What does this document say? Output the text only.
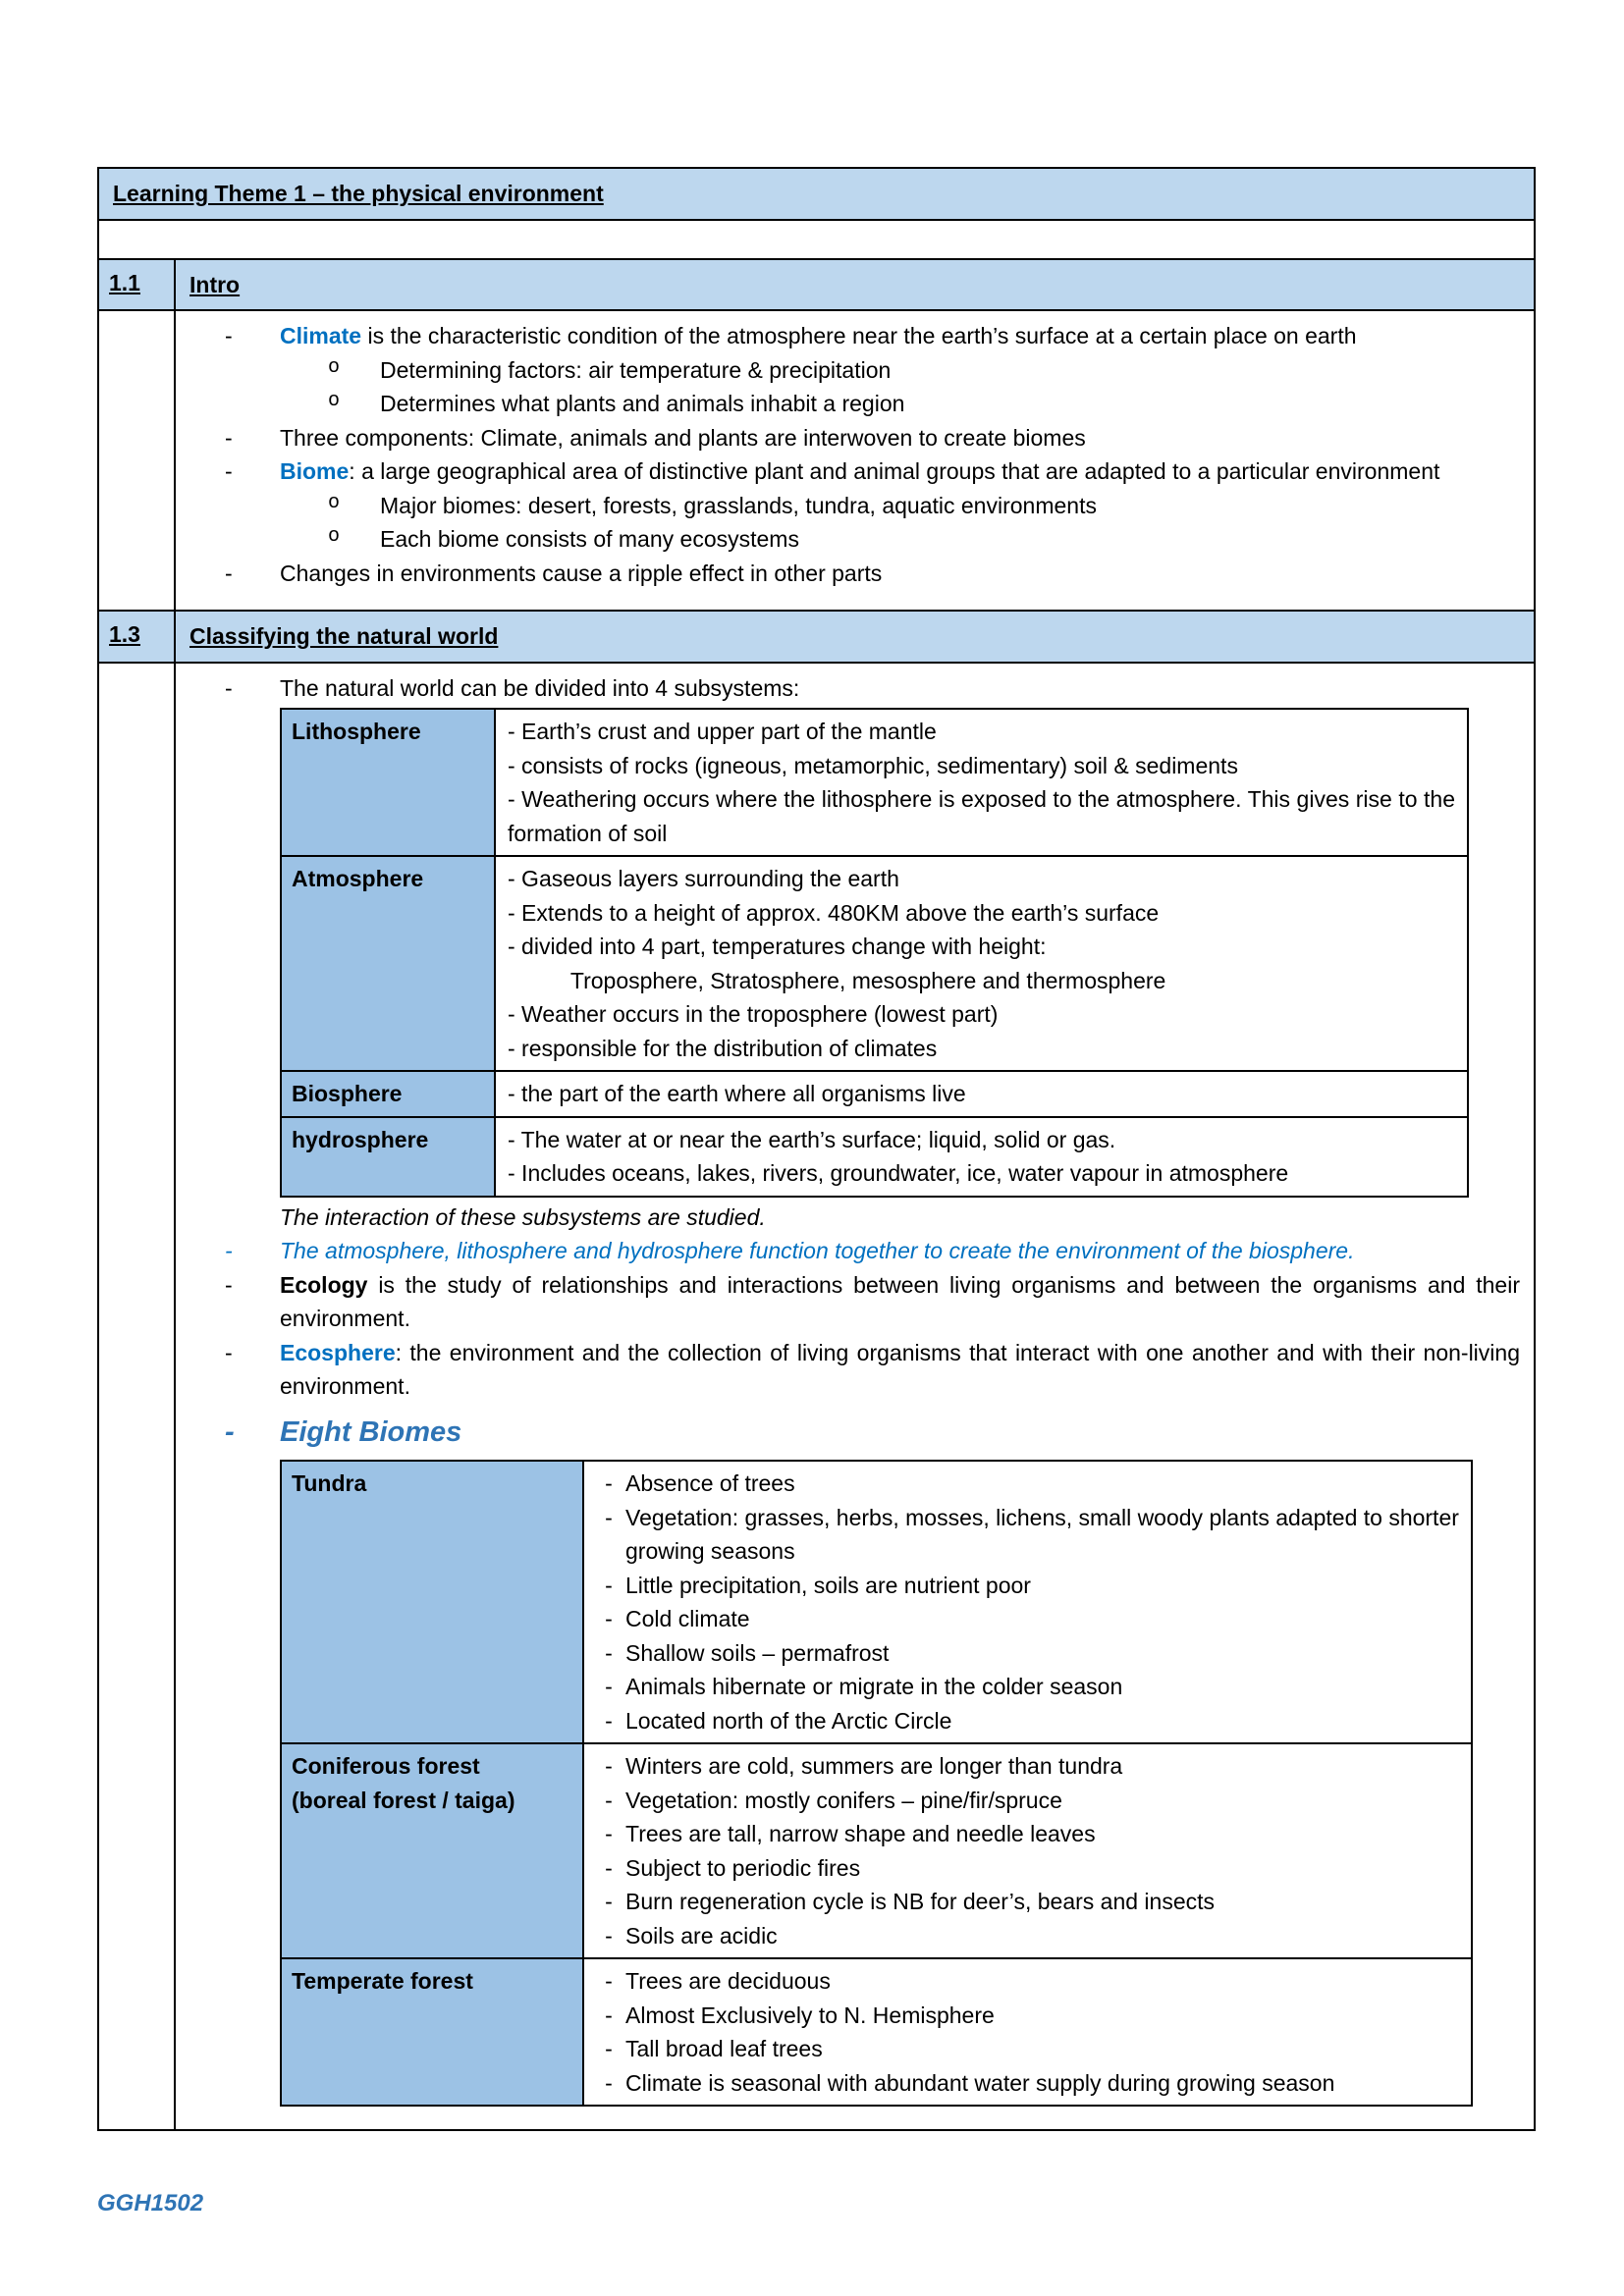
Learning Theme 1 – the physical environment

1.1	Intro

-	Climate is the characteristic condition of the atmosphere near the earth’s surface at a certain place on earth
o	Determining factors: air temperature & precipitation
o	Determines what plants and animals inhabit a region
-	Three components: Climate, animals and plants are interwoven to create biomes
-	Biome: a large geographical area of distinctive plant and animal groups that are adapted to a particular environment
o	Major biomes: desert, forests, grasslands, tundra, aquatic environments
o	Each biome consists of many ecosystems
-	Changes in environments cause a ripple effect in other parts

1.3	Classifying the natural world

-	The natural world can be divided into 4 subsystems:
Lithosphere	- Earth’s crust and upper part of the mantle
- consists of rocks (igneous, metamorphic, sedimentary) soil & sediments
- Weathering occurs where the lithosphere is exposed to the atmosphere. This gives rise to the formation of soil

Atmosphere	- Gaseous layers surrounding the earth
- Extends to a height of approx. 480KM above the earth’s surface
- divided into 4 part, temperatures change with height:
Troposphere, Stratosphere, mesosphere and thermosphere
- Weather occurs in the troposphere (lowest part)
- responsible for the distribution of climates

Biosphere	- the part of the earth where all organisms live

hydrosphere	- The water at or near the earth’s surface; liquid, solid or gas.
- Includes oceans, lakes, rivers, groundwater, ice, water vapour in atmosphere
The interaction of these subsystems are studied.
-	The atmosphere, lithosphere and hydrosphere function together to create the environment of the biosphere.
-	Ecology is the study of relationships and interactions between living organisms and between the organisms and their environment.
-	Ecosphere: the environment and the collection of living organisms that interact with one another and with their non-living environment.
-	Eight Biomes
Tundra	- Absence of trees
- Vegetation: grasses, herbs, mosses, lichens, small woody plants adapted to shorter growing seasons
- Little precipitation, soils are nutrient poor
- Cold climate
- Shallow soils – permafrost
- Animals hibernate or migrate in the colder season
- Located north of the Arctic Circle

Coniferous forest
(boreal forest / taiga)

- Winters are cold, summers are longer than tundra
- Vegetation: mostly conifers – pine/fir/spruce
- Trees are tall, narrow shape and needle leaves
- Subject to periodic fires
- Burn regeneration cycle is NB for deer’s, bears and insects
- Soils are acidic

Temperate forest	- Trees are deciduous
- Almost Exclusively to N. Hemisphere
- Tall broad leaf trees
- Climate is seasonal with abundant water supply during growing season
GGH1502
